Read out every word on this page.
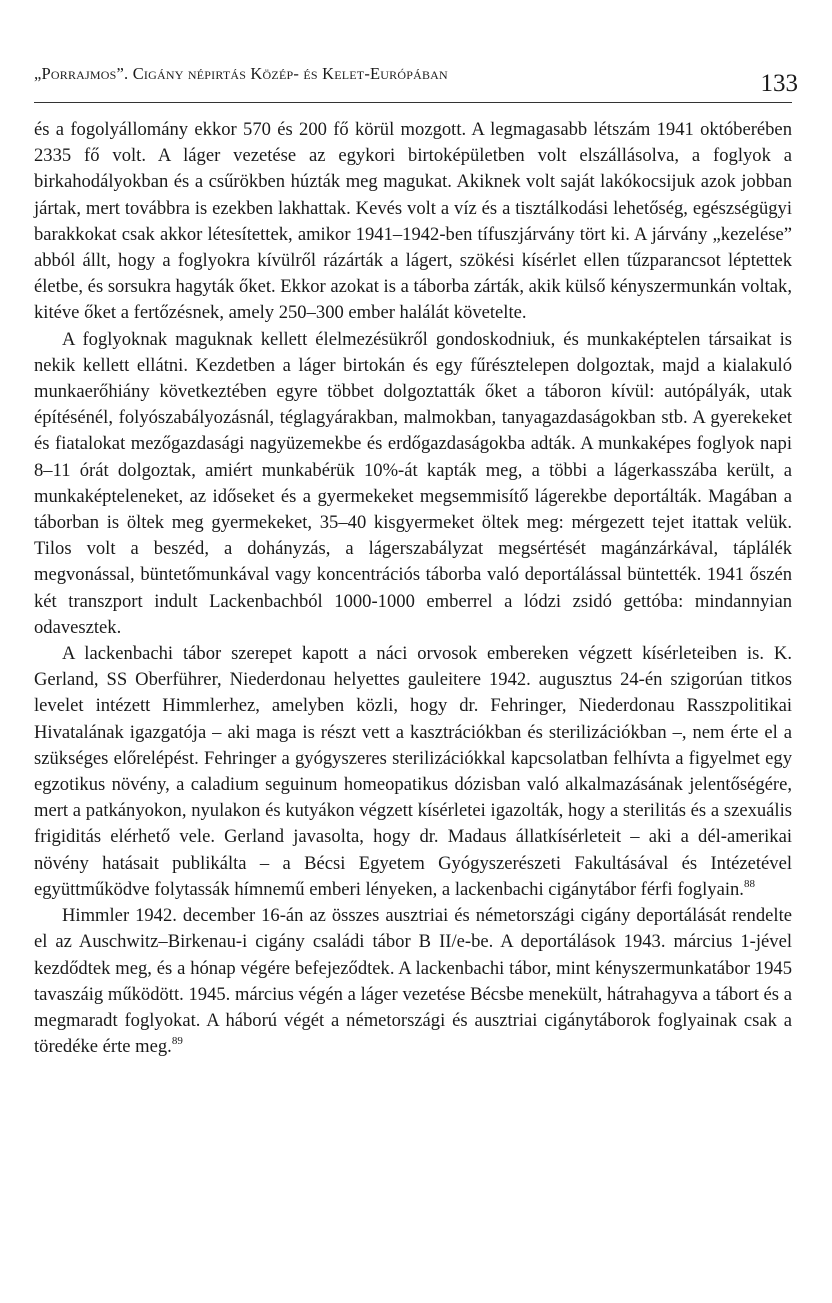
„Porrajmos”. Cigány népirtás Közép- és Kelet-Európában	133

és a fogolyállomány ekkor 570 és 200 fő körül mozgott. A legmagasabb létszám 1941 októberében 2335 fő volt. A láger vezetése az egykori birtoképületben volt elszállásolva, a foglyok a birkahodályokban és a csűrökben húzták meg magukat. Akiknek volt saját lakókocsijuk azok jobban jártak, mert továbbra is ezekben lakhattak. Kevés volt a víz és a tisztálkodási lehetőség, egészségügyi barakkokat csak akkor létesítettek, amikor 1941–1942-ben tífuszjárvány tört ki. A járvány „kezelése” abból állt, hogy a foglyokra kívülről rázárták a lágert, szökési kísérlet ellen tűzparancsot léptettek életbe, és sorsukra hagyták őket. Ekkor azokat is a táborba zárták, akik külső kényszermunkán voltak, kitéve őket a fertőzésnek, amely 250–300 ember halálát követelte.

A foglyoknak maguknak kellett élelmezésükről gondoskodniuk, és munkaképtelen társaikat is nekik kellett ellátni. Kezdetben a láger birtokán és egy fűrésztelepen dolgoztak, majd a kialakuló munkaerőhiány következtében egyre többet dolgoztatták őket a táboron kívül: autópályák, utak építésénél, folyószabályozásnál, téglagyárakban, malmokban, tanyagazdaságokban stb. A gyerekeket és fiatalokat mezőgazdasági nagyüzemekbe és erdőgazdaságokba adták. A munkaképes foglyok napi 8–11 órát dolgoztak, amiért munkabérük 10%-át kapták meg, a többi a lágerkasszába került, a munkaképteleneket, az időseket és a gyermekeket megsemmisítő lágerekbe deportálták. Magában a táborban is öltek meg gyermekeket, 35–40 kisgyermeket öltek meg: mérgezett tejet itattak velük. Tilos volt a beszéd, a dohányzás, a lágerszabályzat megsértését magánzárkával, táplálék megvonással, büntetőmunkával vagy koncentrációs táborba való deportálással büntették. 1941 őszén két transzport indult Lackenbachból 1000-1000 emberrel a lódzi zsidó gettóba: mindannyian odavesztek.

A lackenbachi tábor szerepet kapott a náci orvosok embereken végzett kísérleteiben is. K. Gerland, SS Oberführer, Niederdonau helyettes gauleitere 1942. augusztus 24-én szigorúan titkos levelet intézett Himmlerhez, amelyben közli, hogy dr. Fehringer, Niederdonau Rasszpolitikai Hivatalának igazgatója – aki maga is részt vett a kasztrációkban és sterilizációkban –, nem érte el a szükséges előrelépést. Fehringer a gyógyszeres sterilizációkkal kapcsolatban felhívta a figyelmet egy egzotikus növény, a caladium seguinum homeopatikus dózisban való alkalmazásának jelentőségére, mert a patkányokon, nyulakon és kutyákon végzett kísérletei igazolták, hogy a sterilitás és a szexuális frigiditás elérhető vele. Gerland javasolta, hogy dr. Madaus állatkísérleteit – aki a dél-amerikai növény hatásait publikálta – a Bécsi Egyetem Gyógyszerészeti Fakultásával és Intézetével együttműködve folytassák hímnemű emberi lényeken, a lackenbachi cigánytábor férfi foglyain.$^{88}$

Himmler 1942. december 16-án az összes ausztriai és németországi cigány deportálását rendelte el az Auschwitz–Birkenau-i cigány családi tábor B II/e-be. A deportálások 1943. március 1-jével kezdődtek meg, és a hónap végére befejeződtek. A lackenbachi tábor, mint kényszermunkatábor 1945 tavaszáig működött. 1945. március végén a láger vezetése Bécsbe menekült, hátrahagyva a tábort és a megmaradt foglyokat. A háború végét a németországi és ausztriai cigánytáborok foglyainak csak a töredéke érte meg.$^{89}$
